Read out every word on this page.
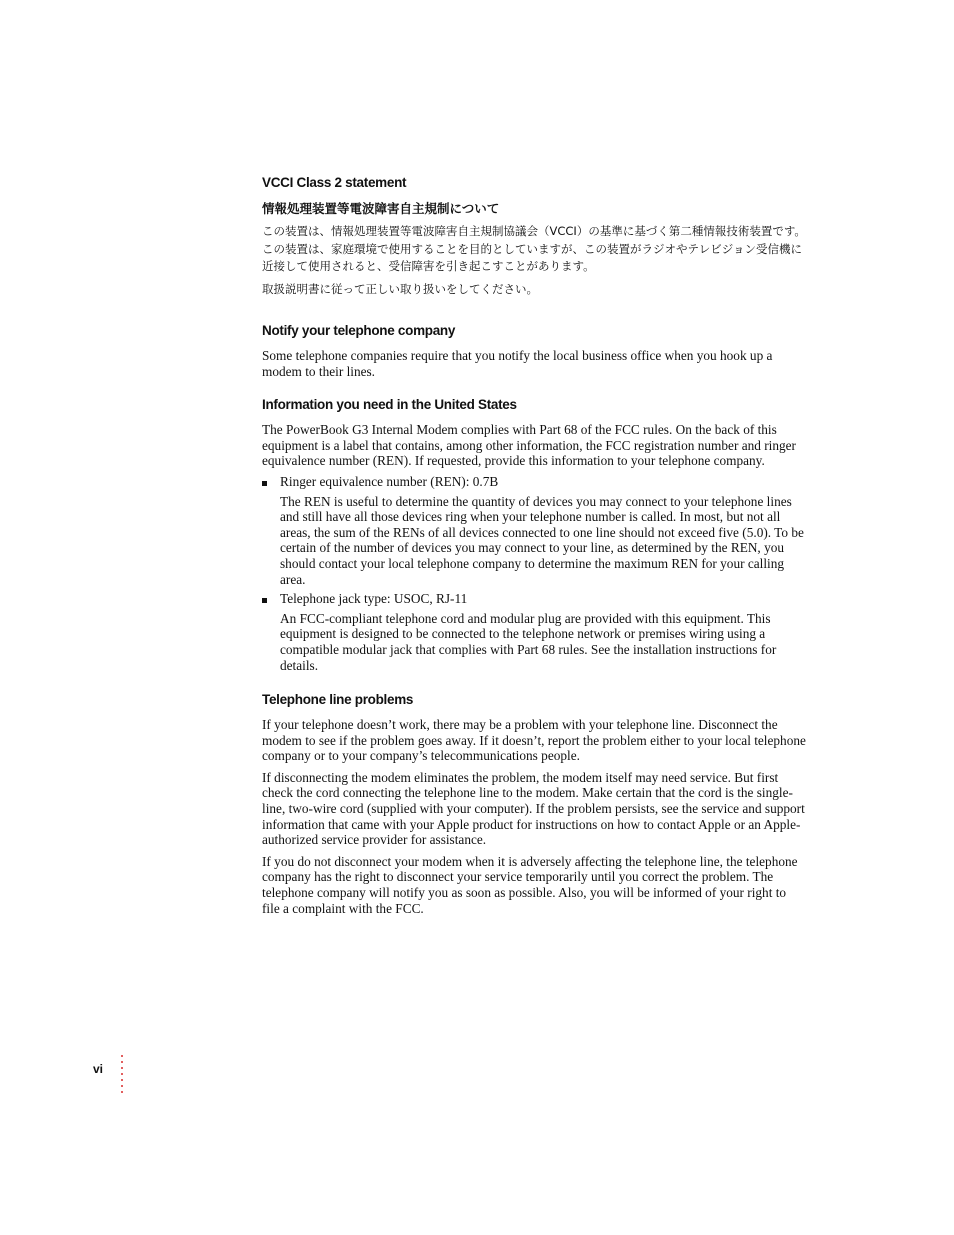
VCCI Class 2 statement
情報処理装置等電波障害自主規制について
この装置は、情報処理装置等電波障害自主規制協議会（VCCI）の基準に基づく第二種情報技術装置です。この装置は、家庭環境で使用することを目的としていますが、この装置がラジオやテレビジョン受信機に近接して使用されると、受信障害を引き起こすことがあります。
取扱説明書に従って正しい取り扱いをしてください。
Notify your telephone company

Some telephone companies require that you notify the local business office when you hook up a modem to their lines.

Information you need in the United States

The PowerBook G3 Internal Modem complies with Part 68 of the FCC rules. On the back of this equipment is a label that contains, among other information, the FCC registration number and ringer equivalence number (REN). If requested, provide this information to your telephone company.

Ringer equivalence number (REN): 0.7B

The REN is useful to determine the quantity of devices you may connect to your telephone lines and still have all those devices ring when your telephone number is called. In most, but not all areas, the sum of the RENs of all devices connected to one line should not exceed five (5.0). To be certain of the number of devices you may connect to your line, as determined by the REN, you should contact your local telephone company to determine the maximum REN for your calling area.

Telephone jack type: USOC, RJ-11

An FCC-compliant telephone cord and modular plug are provided with this equipment. This equipment is designed to be connected to the telephone network or premises wiring using a compatible modular jack that complies with Part 68 rules. See the installation instructions for details.

Telephone line problems

If your telephone doesn’t work, there may be a problem with your telephone line. Disconnect the modem to see if the problem goes away. If it doesn’t, report the problem either to your local telephone company or to your company’s telecommunications people.

If disconnecting the modem eliminates the problem, the modem itself may need service. But first check the cord connecting the telephone line to the modem. Make certain that the cord is the single-line, two-wire cord (supplied with your computer). If the problem persists, see the service and support information that came with your Apple product for instructions on how to contact Apple or an Apple-authorized service provider for assistance.

If you do not disconnect your modem when it is adversely affecting the telephone line, the telephone company has the right to disconnect your service temporarily until you correct the problem. The telephone company will notify you as soon as possible. Also, you will be informed of your right to file a complaint with the FCC.

vi
